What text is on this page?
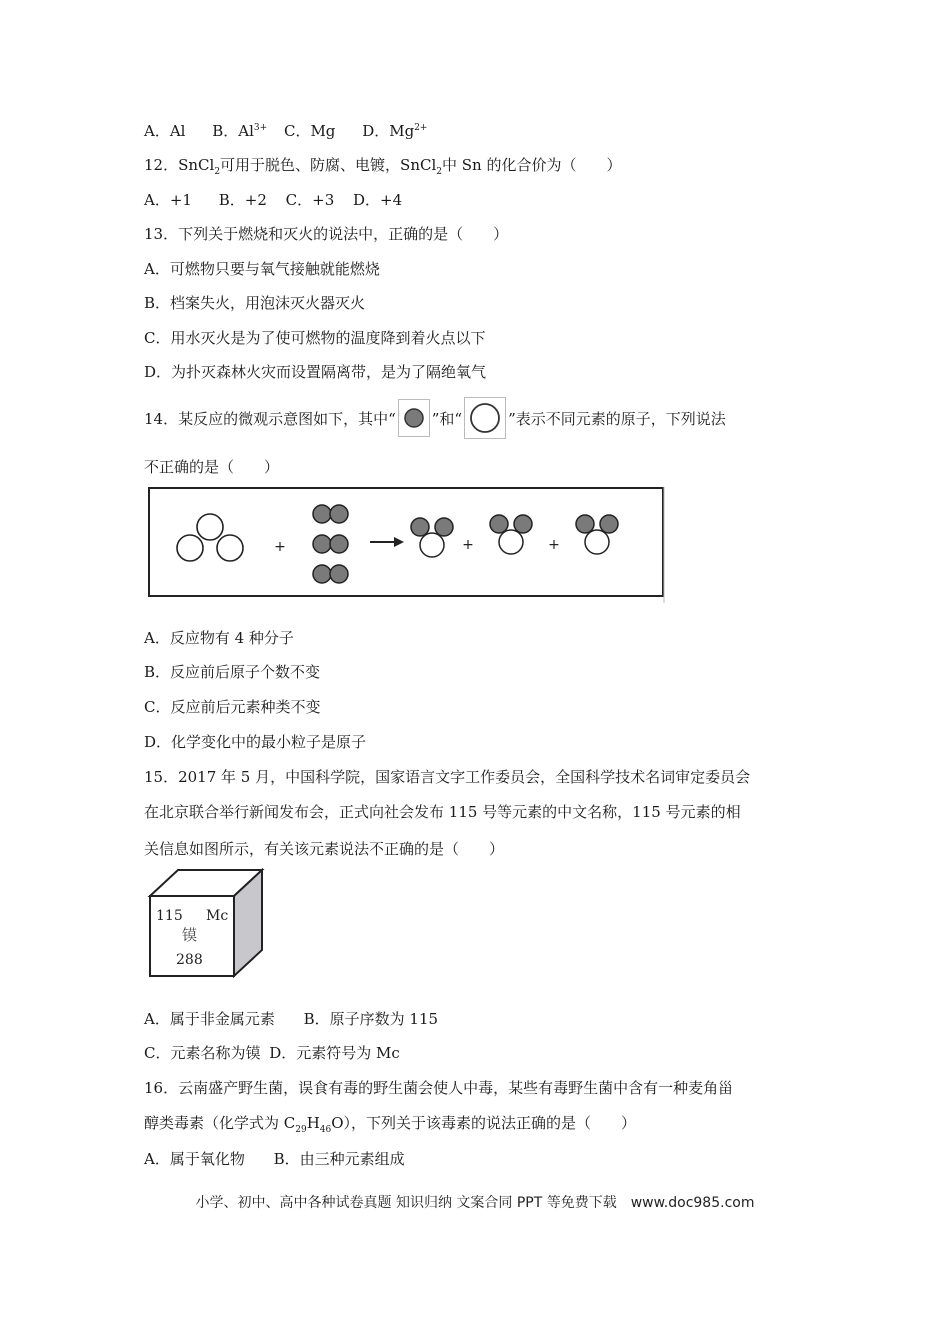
A．Al B．$Al^{3+}$ C．Mg D．$Mg^{2+}$
12．SnCl$_2$可用于脱色、防腐、电镀，SnCl$_2$中 Sn 的化合价为（　　）
A．+1 B．+2 C．+3 D．+4
13．下列关于燃烧和灭火的说法中，正确的是（　　）
A．可燃物只要与氧气接触就能燃烧
B．档案失火，用泡沫灭火器灭火
C．用水灭火是为了使可燃物的温度降到着火点以下
D．为扑灭森林火灾而设置隔离带，是为了隔绝氧气
14．某反应的微观示意图如下，其中“ ”和“	”表示不同元素的原子，下列说法
不正确的是（　　）
+	+	+
A．反应物有 4 种分子
B．反应前后原子个数不变
C．反应前后元素种类不变
D．化学变化中的最小粒子是原子
15．2017 年 5 月，中国科学院，国家语言文字工作委员会，全国科学技术名词审定委员会
在北京联合举行新闻发布会，正式向社会发布 115 号等元素的中文名称，115 号元素的相
关信息如图所示，有关该元素说法不正确的是（　　）
115 Mc
镆
288
A．属于非金属元素 B．原子序数为 115
C．元素名称为镆 D．元素符号为 Mc
16．云南盛产野生菌，误食有毒的野生菌会使人中毒，某些有毒野生菌中含有一种麦角甾
醇类毒素（化学式为 $C_{29}H_{46}O$），下列关于该毒素的说法正确的是（　　）
A．属于氧化物 B．由三种元素组成
小学、初中、高中各种试卷真题 知识归纳 文案合同 PPT 等免费下载　www.doc985.com
